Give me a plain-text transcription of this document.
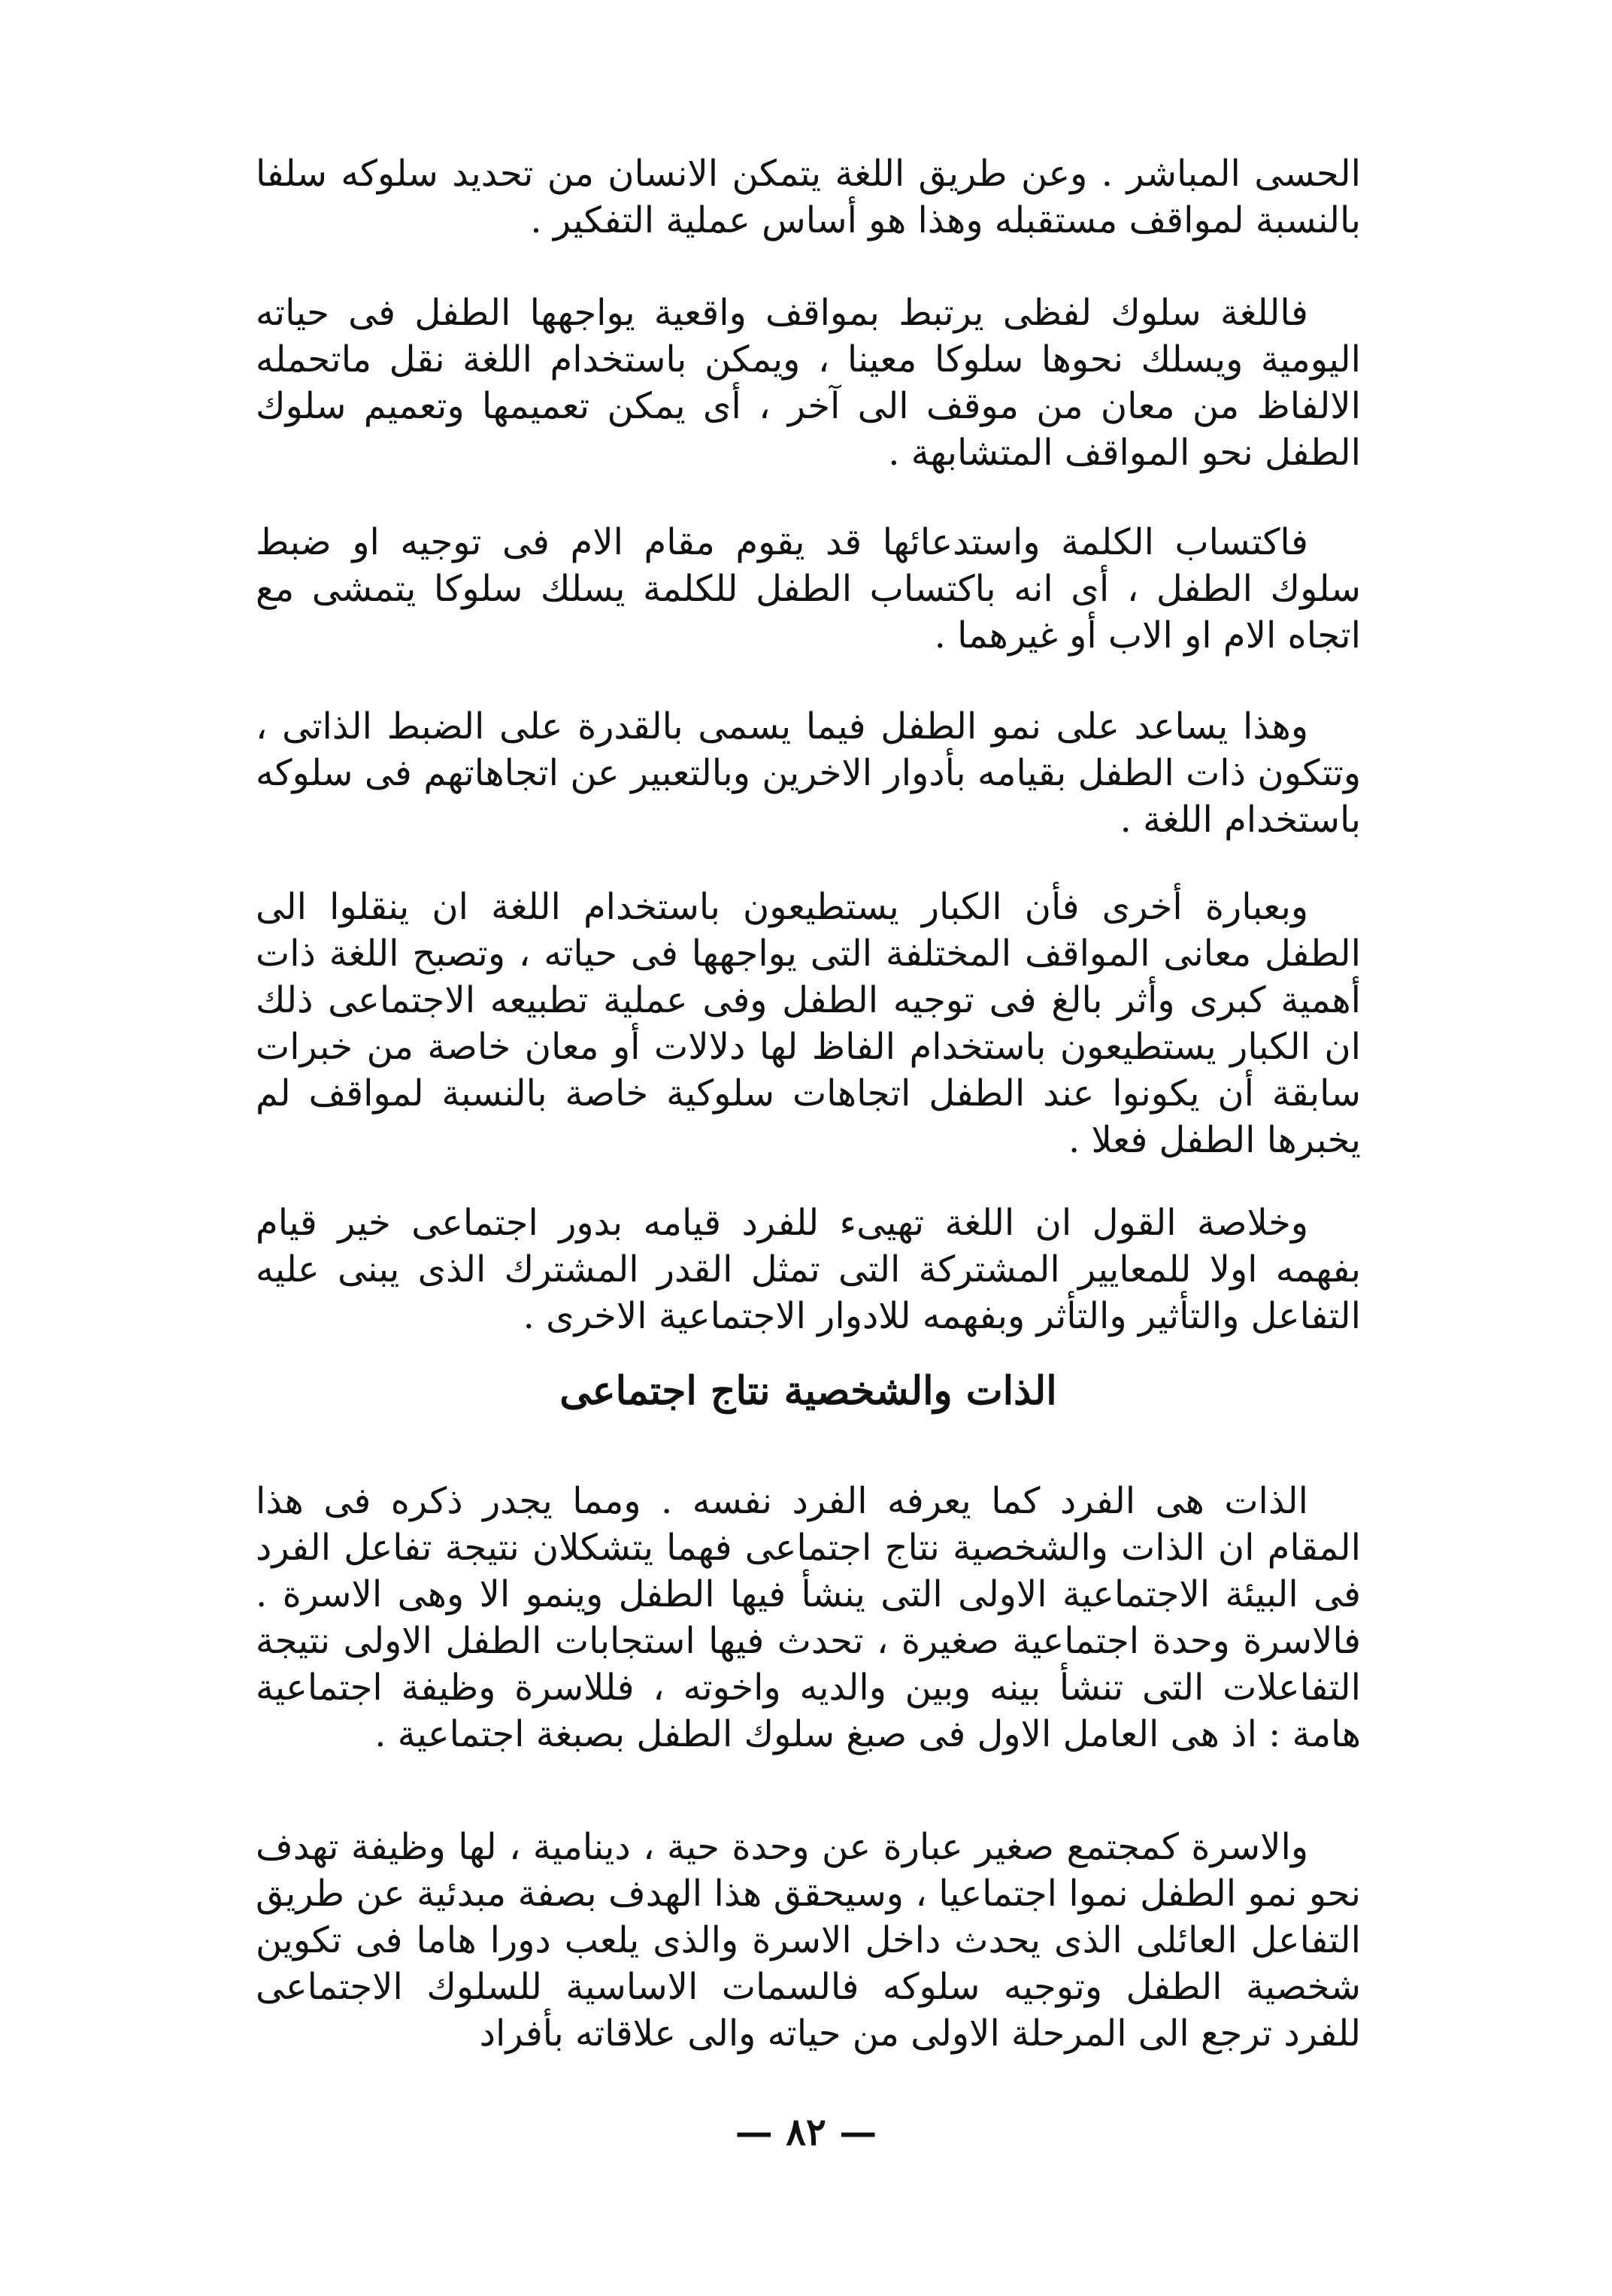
الحسى المباشر . وعن طريق اللغة يتمكن الانسان من تحديد سلوكه سلفا بالنسبة لمواقف مستقبله وهذا هو أساس عملية التفكير .

فاللغة سلوك لفظى يرتبط بمواقف واقعية يواجهها الطفل فى حياته اليومية ويسلك نحوها سلوكا معينا ، ويمكن باستخدام اللغة نقل ماتحمله الالفاظ من معان من موقف الى آخر ، أى يمكن تعميمها وتعميم سلوك الطفل نحو المواقف المتشابهة .

فاكتساب الكلمة واستدعائها قد يقوم مقام الام فى توجيه او ضبط سلوك الطفل ، أى انه باكتساب الطفل للكلمة يسلك سلوكا يتمشى مع اتجاه الام او الاب أو غيرهما .

وهذا يساعد على نمو الطفل فيما يسمى بالقدرة على الضبط الذاتى ، وتتكون ذات الطفل بقيامه بأدوار الاخرين وبالتعبير عن اتجاهاتهم فى سلوكه باستخدام اللغة .

وبعبارة أخرى فأن الكبار يستطيعون باستخدام اللغة ان ينقلوا الى الطفل معانى المواقف المختلفة التى يواجهها فى حياته ، وتصبح اللغة ذات أهمية كبرى وأثر بالغ فى توجيه الطفل وفى عملية تطبيعه الاجتماعى ذلك ان الكبار يستطيعون باستخدام الفاظ لها دلالات أو معان خاصة من خبرات سابقة أن يكونوا عند الطفل اتجاهات سلوكية خاصة بالنسبة لمواقف لم يخبرها الطفل فعلا .

وخلاصة القول ان اللغة تهيىء للفرد قيامه بدور اجتماعى خير قيام بفهمه اولا للمعايير المشتركة التى تمثل القدر المشترك الذى يبنى عليه التفاعل والتأثير والتأثر وبفهمه للادوار الاجتماعية الاخرى .

الذات والشخصية نتاج اجتماعى

الذات هى الفرد كما يعرفه الفرد نفسه . ومما يجدر ذكره فى هذا المقام ان الذات والشخصية نتاج اجتماعى فهما يتشكلان نتيجة تفاعل الفرد فى البيئة الاجتماعية الاولى التى ينشأ فيها الطفل وينمو الا وهى الاسرة . فالاسرة وحدة اجتماعية صغيرة ، تحدث فيها استجابات الطفل الاولى نتيجة التفاعلات التى تنشأ بينه وبين والديه واخوته ، فللاسرة وظيفة اجتماعية هامة : اذ هى العامل الاول فى صبغ سلوك الطفل بصبغة اجتماعية .

والاسرة كمجتمع صغير عبارة عن وحدة حية ، دينامية ، لها وظيفة تهدف نحو نمو الطفل نموا اجتماعيا ، وسيحقق هذا الهدف بصفة مبدئية عن طريق التفاعل العائلى الذى يحدث داخل الاسرة والذى يلعب دورا هاما فى تكوين شخصية الطفل وتوجيه سلوكه فالسمات الاساسية للسلوك الاجتماعى للفرد ترجع الى المرحلة الاولى من حياته والى علاقاته بأفراد

— ٨٢ —
